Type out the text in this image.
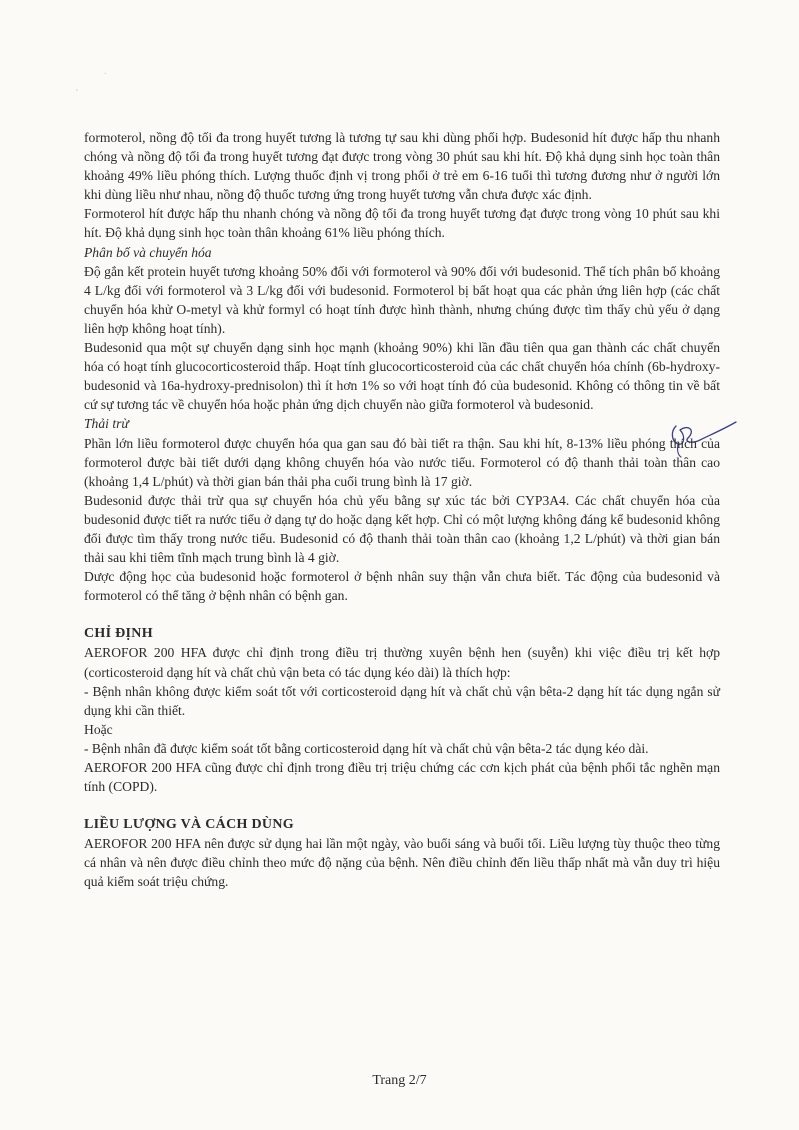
.
'

formoterol, nồng độ tối đa trong huyết tương là tương tự sau khi dùng phối hợp. Budesonid hít được hấp thu nhanh chóng và nồng độ tối đa trong huyết tương đạt được trong vòng 30 phút sau khi hít. Độ khả dụng sinh học toàn thân khoảng 49% liều phóng thích. Lượng thuốc định vị trong phổi ở trẻ em 6-16 tuổi thì tương đương như ở người lớn khi dùng liều như nhau, nồng độ thuốc tương ứng trong huyết tương vẫn chưa được xác định.

Formoterol hít được hấp thu nhanh chóng và nồng độ tối đa trong huyết tương đạt được trong vòng 10 phút sau khi hít. Độ khả dụng sinh học toàn thân khoảng 61% liều phóng thích.

Phân bố và chuyển hóa

Độ gắn kết protein huyết tương khoảng 50% đối với formoterol và 90% đối với budesonid. Thể tích phân bố khoảng 4 L/kg đối với formoterol và 3 L/kg đối với budesonid. Formoterol bị bất hoạt qua các phản ứng liên hợp (các chất chuyển hóa khử O-metyl và khử formyl có hoạt tính được hình thành, nhưng chúng được tìm thấy chủ yếu ở dạng liên hợp không hoạt tính).

Budesonid qua một sự chuyển dạng sinh học mạnh (khoảng 90%) khi lần đầu tiên qua gan thành các chất chuyển hóa có hoạt tính glucocorticosteroid thấp. Hoạt tính glucocorticosteroid của các chất chuyển hóa chính (6b-hydroxy-budesonid và 16a-hydroxy-prednisolon) thì ít hơn 1% so với hoạt tính đó của budesonid. Không có thông tin về bất cứ sự tương tác về chuyển hóa hoặc phản ứng dịch chuyển nào giữa formoterol và budesonid.

Thải trừ

Phần lớn liều formoterol được chuyển hóa qua gan sau đó bài tiết ra thận. Sau khi hít, 8-13% liều phóng thích của formoterol được bài tiết dưới dạng không chuyển hóa vào nước tiểu. Formoterol có độ thanh thải toàn thân cao (khoảng 1,4 L/phút) và thời gian bán thải pha cuối trung bình là 17 giờ.

Budesonid được thải trừ qua sự chuyển hóa chủ yếu bằng sự xúc tác bởi CYP3A4. Các chất chuyển hóa của budesonid được tiết ra nước tiểu ở dạng tự do hoặc dạng kết hợp. Chỉ có một lượng không đáng kể budesonid không đổi được tìm thấy trong nước tiểu. Budesonid có độ thanh thải toàn thân cao (khoảng 1,2 L/phút) và thời gian bán thải sau khi tiêm tĩnh mạch trung bình là 4 giờ.

Dược động học của budesonid hoặc formoterol ở bệnh nhân suy thận vẫn chưa biết. Tác động của budesonid và formoterol có thể tăng ở bệnh nhân có bệnh gan.

CHỈ ĐỊNH

AEROFOR 200 HFA được chỉ định trong điều trị thường xuyên bệnh hen (suyễn) khi việc điều trị kết hợp (corticosteroid dạng hít và chất chủ vận beta có tác dụng kéo dài) là thích hợp:

- Bệnh nhân không được kiểm soát tốt với corticosteroid dạng hít và chất chủ vận bêta-2 dạng hít tác dụng ngắn sử dụng khi cần thiết.

Hoặc

- Bệnh nhân đã được kiểm soát tốt bằng corticosteroid dạng hít và chất chủ vận bêta-2 tác dụng kéo dài.

AEROFOR 200 HFA cũng được chỉ định trong điều trị triệu chứng các cơn kịch phát của bệnh phổi tắc nghẽn mạn tính (COPD).

LIỀU LƯỢNG VÀ CÁCH DÙNG

AEROFOR 200 HFA nên được sử dụng hai lần một ngày, vào buổi sáng và buổi tối. Liều lượng tùy thuộc theo từng cá nhân và nên được điều chỉnh theo mức độ nặng của bệnh. Nên điều chỉnh đến liều thấp nhất mà vẫn duy trì hiệu quả kiểm soát triệu chứng.

Trang 2/7
